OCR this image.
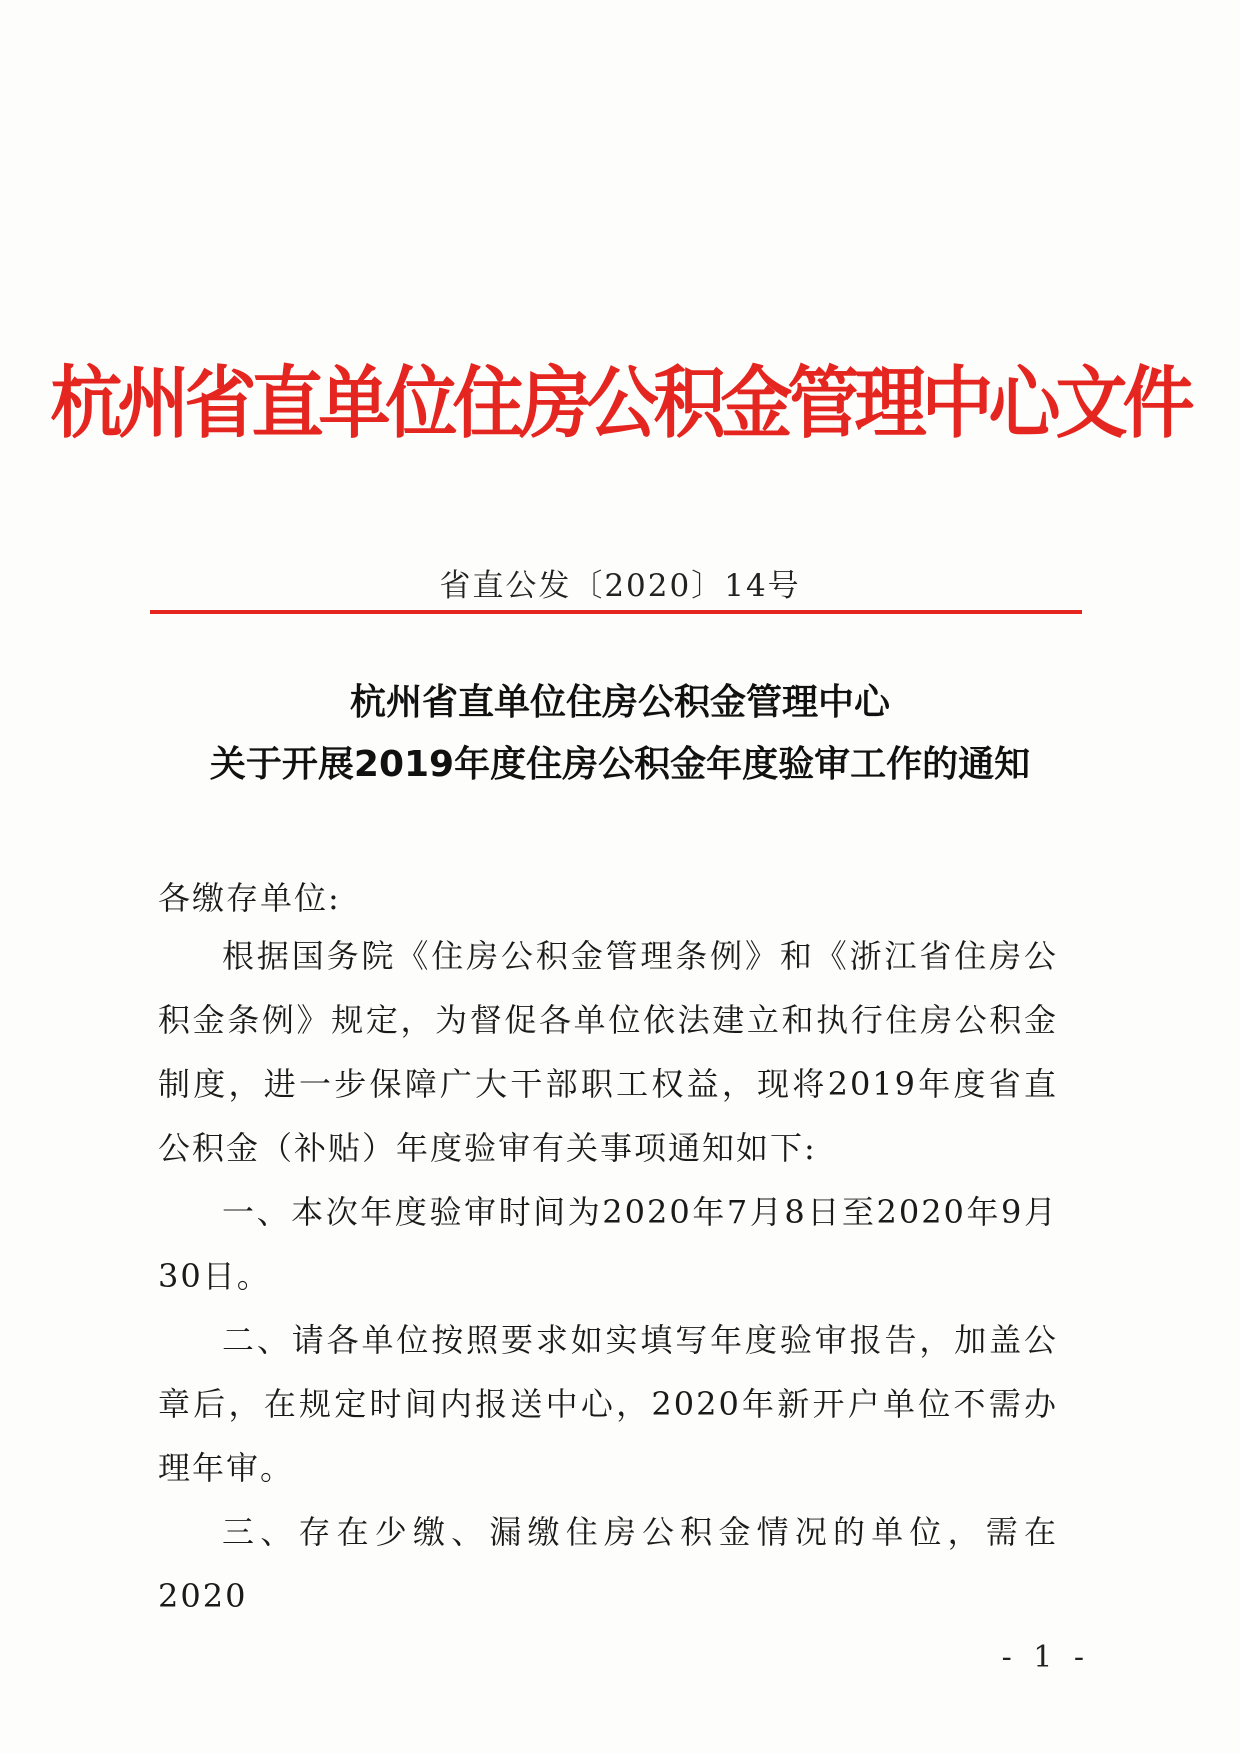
杭州省直单位住房公积金管理中心文件
省直公发〔2020〕14号
杭州省直单位住房公积金管理中心
关于开展2019年度住房公积金年度验审工作的通知
各缴存单位:

根据国务院《住房公积金管理条例》和《浙江省住房公积金条例》规定，为督促各单位依法建立和执行住房公积金制度，进一步保障广大干部职工权益，现将2019年度省直公积金（补贴）年度验审有关事项通知如下:

一、本次年度验审时间为2020年7月8日至2020年9月30日。

二、请各单位按照要求如实填写年度验审报告，加盖公章后，在规定时间内报送中心，2020年新开户单位不需办理年审。

三、存在少缴、漏缴住房公积金情况的单位，需在2020

- 1 -
